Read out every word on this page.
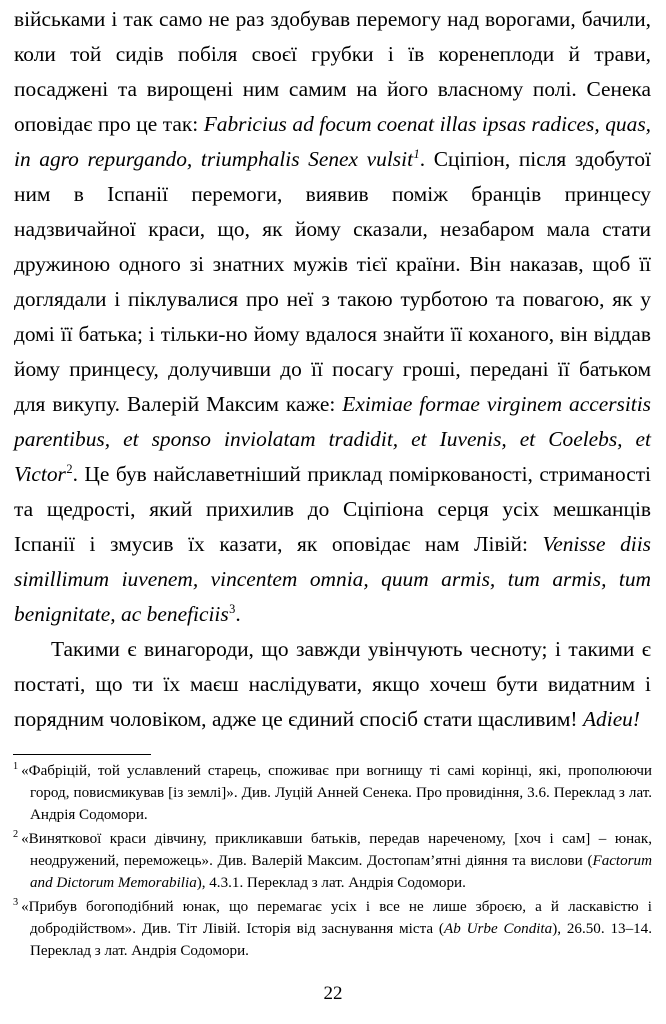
військами і так само не раз здобував перемогу над ворогами, бачили, коли той сидів побіля своєї грубки і їв коренеплоди й трави, посаджені та вирощені ним самим на його власному полі. Сенека оповідає про це так: Fabricius ad focum coenat illas ipsas radices, quas, in agro repurgando, triumphalis Senex vulsit$^1$. Сціпіон, після здобутої ним в Іспанії перемоги, виявив поміж бранців принцесу надзвичайної краси, що, як йому сказали, незабаром мала стати дружиною одного зі знатних мужів тієї країни. Він наказав, щоб її доглядали і піклувалися про неї з такою турботою та повагою, як у домі її батька; і тільки-но йому вдалося знайти її коханого, він віддав йому принцесу, долучивши до її посагу гроші, передані її батьком для викупу. Валерій Максим каже: Eximiae formae virginem accersitis parentibus, et sponso inviolatam tradidit, et Iuvenis, et Coelebs, et Victor$^2$. Це був найславетніший приклад поміркованості, стриманості та щедрості, який прихилив до Сціпіона серця усіх мешканців Іспанії і змусив їх казати, як оповідає нам Лівій: Venisse diis simillimum iuvenem, vincentem omnia, quum armis, tum armis, tum benignitate, ac beneficiis$^3$.

Такими є винагороди, що завжди увінчують чесноту; і такими є постаті, що ти їх маєш наслідувати, якщо хочеш бути видатним і порядним чоловіком, адже це єдиний спосіб стати щасливим! Adieu!

$^1$ «Фабріцій, той уславлений старець, споживає при вогнищу ті самі корінці, які, прополюючи город, повисмикував [із землі]». Див. Луцій Анней Сенека. Про провидіння, 3.6. Переклад з лат. Андрія Содомори.

$^2$ «Виняткової краси дівчину, прикликавши батьків, передав нареченому, [хоч і сам] – юнак, неодружений, переможець». Див. Валерій Максим. Достопам’ятні діяння та вислови (Factorum and Dictorum Memorabilia), 4.3.1. Переклад з лат. Андрія Содомори.

$^3$ «Прибув богоподібний юнак, що перемагає усіх і все не лише зброєю, а й ласкавістю і добродійством». Див. Тіт Лівій. Історія від заснування міста (Ab Urbe Condita), 26.50. 13–14. Переклад з лат. Андрія Содомори.

22
